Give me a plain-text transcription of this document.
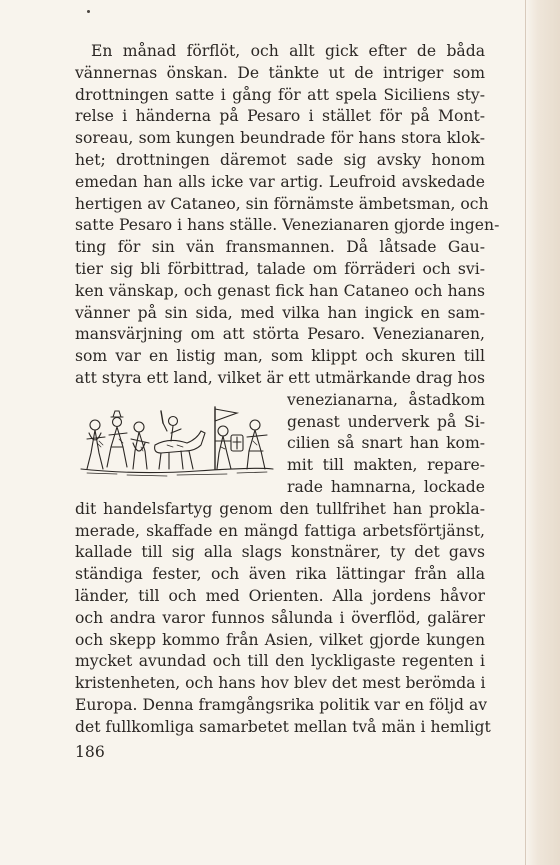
En månad förflöt, och allt gick efter de båda
vännernas önskan. De tänkte ut de intriger som
drottningen satte i gång för att spela Siciliens sty-
relse i händerna på Pesaro i stället för på Mont-
soreau, som kungen beundrade för hans stora klok-
het; drottningen däremot sade sig avsky honom
emedan han alls icke var artig. Leufroid avskedade
hertigen av Cataneo, sin förnämste ämbetsman, och
satte Pesaro i hans ställe. Venezianaren gjorde ingen-
ting för sin vän fransmannen. Då låtsade Gau-
tier sig bli förbittrad, talade om förräderi och svi-
ken vänskap, och genast fick han Cataneo och hans
vänner på sin sida, med vilka han ingick en sam-
mansvärjning om att störta Pesaro. Venezianaren,
som var en listig man, som klippt och skuren till
att styra ett land, vilket är ett utmärkande drag hos
venezianarna, åstadkom
genast underverk på Si-
cilien så snart han kom-
mit till makten, repare-
rade hamnarna, lockade
dit handelsfartyg genom den tullfrihet han prokla-
merade, skaffade en mängd fattiga arbetsförtjänst,
kallade till sig alla slags konstnärer, ty det gavs
ständiga fester, och även rika lättingar från alla
länder, till och med Orienten. Alla jordens håvor
och andra varor funnos sålunda i överflöd, galärer
och skepp kommo från Asien, vilket gjorde kungen
mycket avundad och till den lyckligaste regenten i
kristenheten, och hans hov blev det mest berömda i
Europa. Denna framgångsrika politik var en följd av
det fullkomliga samarbetet mellan två män i hemligt
186
